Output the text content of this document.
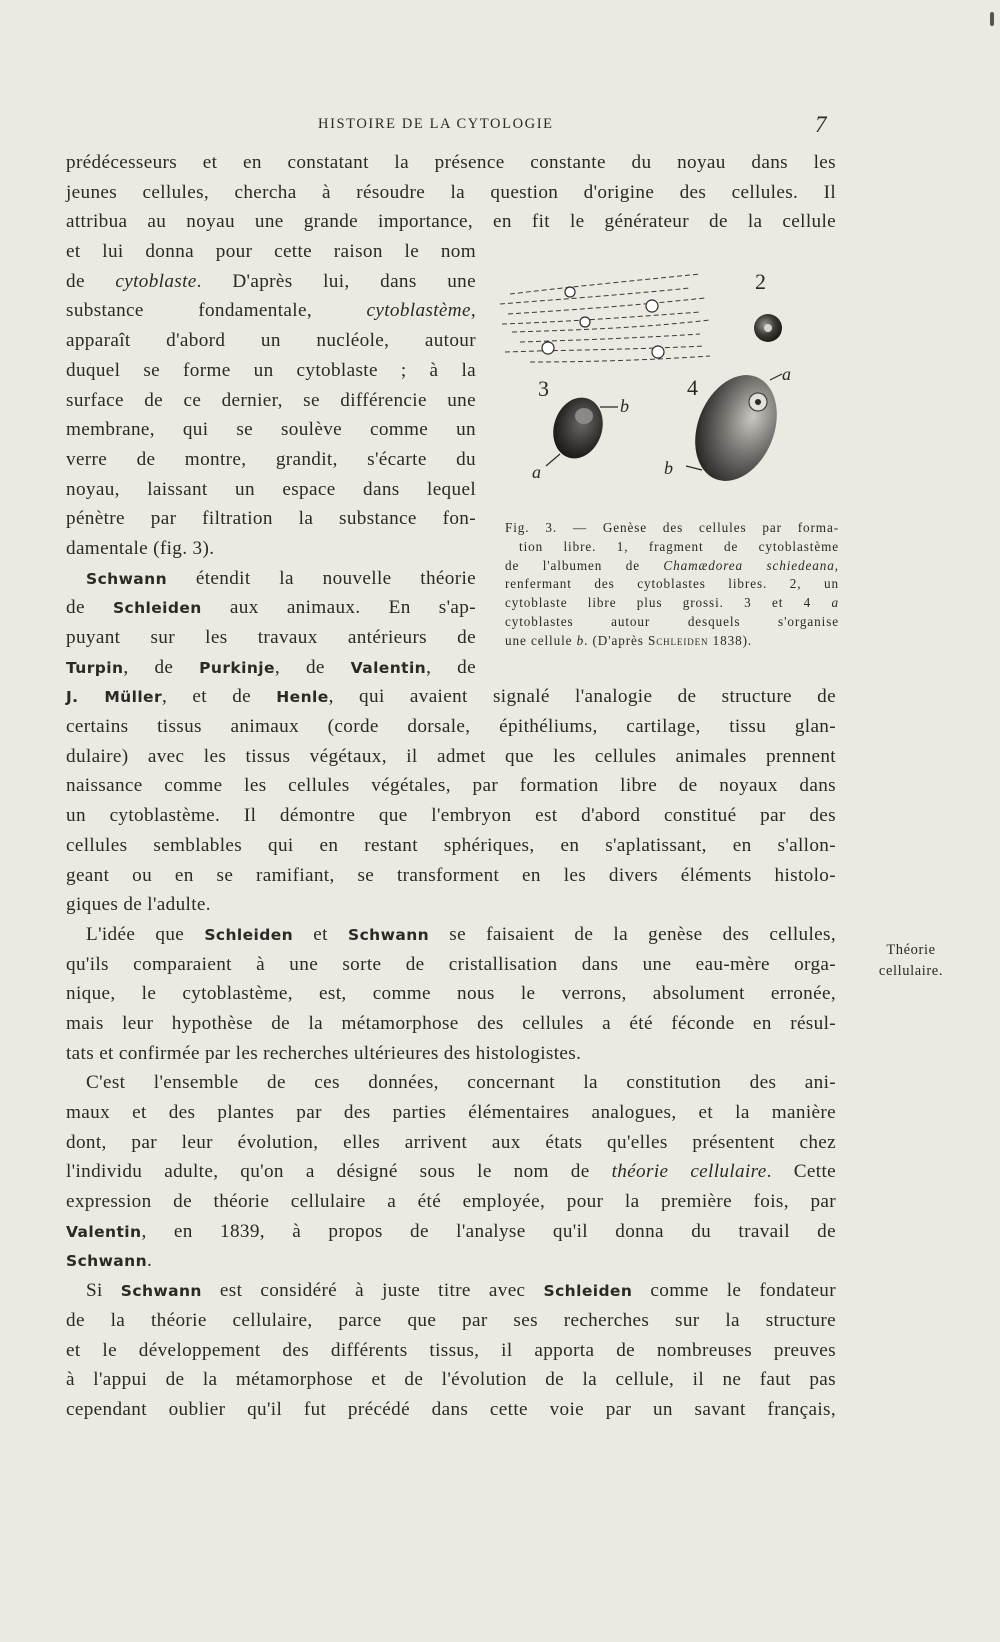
HISTOIRE DE LA CYTOLOGIE	7
prédécesseurs et en constatant la présence constante du noyau dans les
jeunes cellules, chercha à résoudre la question d'origine des cellules. Il
attribua au noyau une grande importance, en fit le générateur de la cellule
et lui donna pour cette raison le nom
de cytoblaste. D'après lui, dans une
substance fondamentale, cytoblastème,
apparaît d'abord un nucléole, autour
duquel se forme un cytoblaste ; à la
surface de ce dernier, se différencie une
membrane, qui se soulève comme un
verre de montre, grandit, s'écarte du
noyau, laissant un espace dans lequel
pénètre par filtration la substance fon-
damentale (fig. 3).
Schwann étendit la nouvelle théorie
de Schleiden aux animaux. En s'ap-
puyant sur les travaux antérieurs de
Turpin, de Purkinje, de Valentin, de
J. Müller, et de Henle, qui avaient signalé l'analogie de structure de
certains tissus animaux (corde dorsale, épithéliums, cartilage, tissu glan-
dulaire) avec les tissus végétaux, il admet que les cellules animales prennent
naissance comme les cellules végétales, par formation libre de noyaux dans
un cytoblastème. Il démontre que l'embryon est d'abord constitué par des
cellules semblables qui en restant sphériques, en s'aplatissant, en s'allon-
geant ou en se ramifiant, se transforment en les divers éléments histolo-
giques de l'adulte.
L'idée que Schleiden et Schwann se faisaient de la genèse des cellules,
qu'ils comparaient à une sorte de cristallisation dans une eau-mère orga-
nique, le cytoblastème, est, comme nous le verrons, absolument erronée,
mais leur hypothèse de la métamorphose des cellules a été féconde en résul-
tats et confirmée par les recherches ultérieures des histologistes.
C'est l'ensemble de ces données, concernant la constitution des ani-
maux et des plantes par des parties élémentaires analogues, et la manière
dont, par leur évolution, elles arrivent aux états qu'elles présentent chez
l'individu adulte, qu'on a désigné sous le nom de théorie cellulaire. Cette
expression de théorie cellulaire a été employée, pour la première fois, par
Valentin, en 1839, à propos de l'analyse qu'il donna du travail de
Schwann.
Si Schwann est considéré à juste titre avec Schleiden comme le fondateur
de la théorie cellulaire, parce que par ses recherches sur la structure
et le développement des différents tissus, il apporta de nombreuses preuves
à l'appui de la métamorphose et de l'évolution de la cellule, il ne faut pas
cependant oublier qu'il fut précédé dans cette voie par un savant français,
2
3	4
b
a
a
b
Fig. 3. — Genèse des cellules par forma-
tion libre. 1, fragment de cytoblastème
de l'albumen de Chamædorea schiedeana,
renfermant des cytoblastes libres. 2, un
cytoblaste libre plus grossi. 3 et 4 a
cytoblastes autour desquels s'organise
une cellule b. (D'après Schleiden 1838).
Théorie
cellulaire.
